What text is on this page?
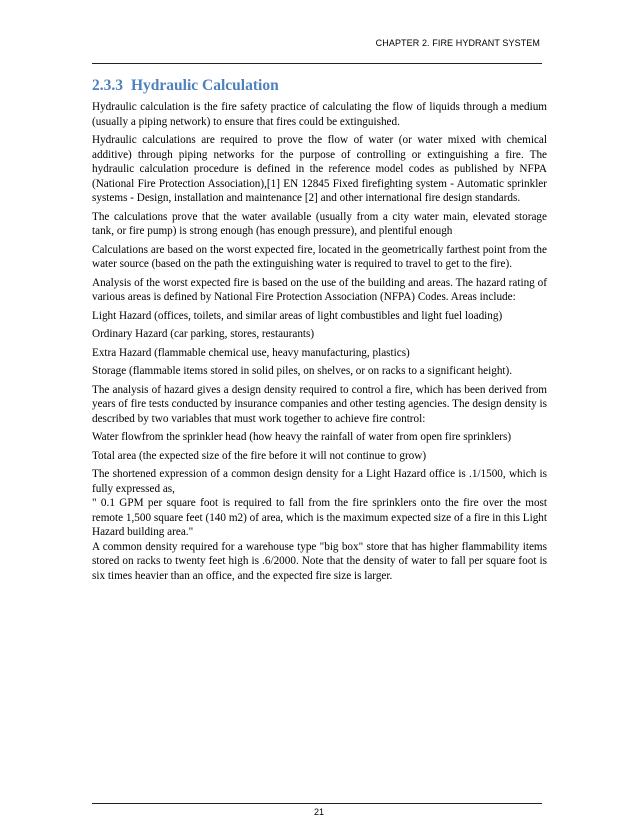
CHAPTER 2. FIRE HYDRANT SYSTEM
2.3.3 Hydraulic Calculation

Hydraulic calculation is the fire safety practice of calculating the flow of liquids through a medium (usually a piping network) to ensure that fires could be extinguished.

Hydraulic calculations are required to prove the flow of water (or water mixed with chemical additive) through piping networks for the purpose of controlling or extinguishing a fire. The hydraulic calculation procedure is defined in the reference model codes as published by NFPA (National Fire Protection Association),[1] EN 12845 Fixed firefighting system - Automatic sprinkler systems - Design, installation and maintenance [2] and other international fire design standards.

The calculations prove that the water available (usually from a city water main, elevated storage tank, or fire pump) is strong enough (has enough pressure), and plentiful enough

Calculations are based on the worst expected fire, located in the geometrically farthest point from the water source (based on the path the extinguishing water is required to travel to get to the fire).

Analysis of the worst expected fire is based on the use of the building and areas. The hazard rating of various areas is defined by National Fire Protection Association (NFPA) Codes. Areas include:

Light Hazard (offices, toilets, and similar areas of light combustibles and light fuel loading)

Ordinary Hazard (car parking, stores, restaurants)

Extra Hazard (flammable chemical use, heavy manufacturing, plastics)

Storage (flammable items stored in solid piles, on shelves, or on racks to a significant height).

The analysis of hazard gives a design density required to control a fire, which has been derived from years of fire tests conducted by insurance companies and other testing agencies. The design density is described by two variables that must work together to achieve fire control:

Water flowfrom the sprinkler head (how heavy the rainfall of water from open fire sprinklers)

Total area (the expected size of the fire before it will not continue to grow)

The shortened expression of a common design density for a Light Hazard office is .1/1500, which is fully expressed as,

" 0.1 GPM per square foot is required to fall from the fire sprinklers onto the fire over the most remote 1,500 square feet (140 m2) of area, which is the maximum expected size of a fire in this Light Hazard building area."

A common density required for a warehouse type "big box" store that has higher flammability items stored on racks to twenty feet high is .6/2000. Note that the density of water to fall per square foot is six times heavier than an office, and the expected fire size is larger.

21
